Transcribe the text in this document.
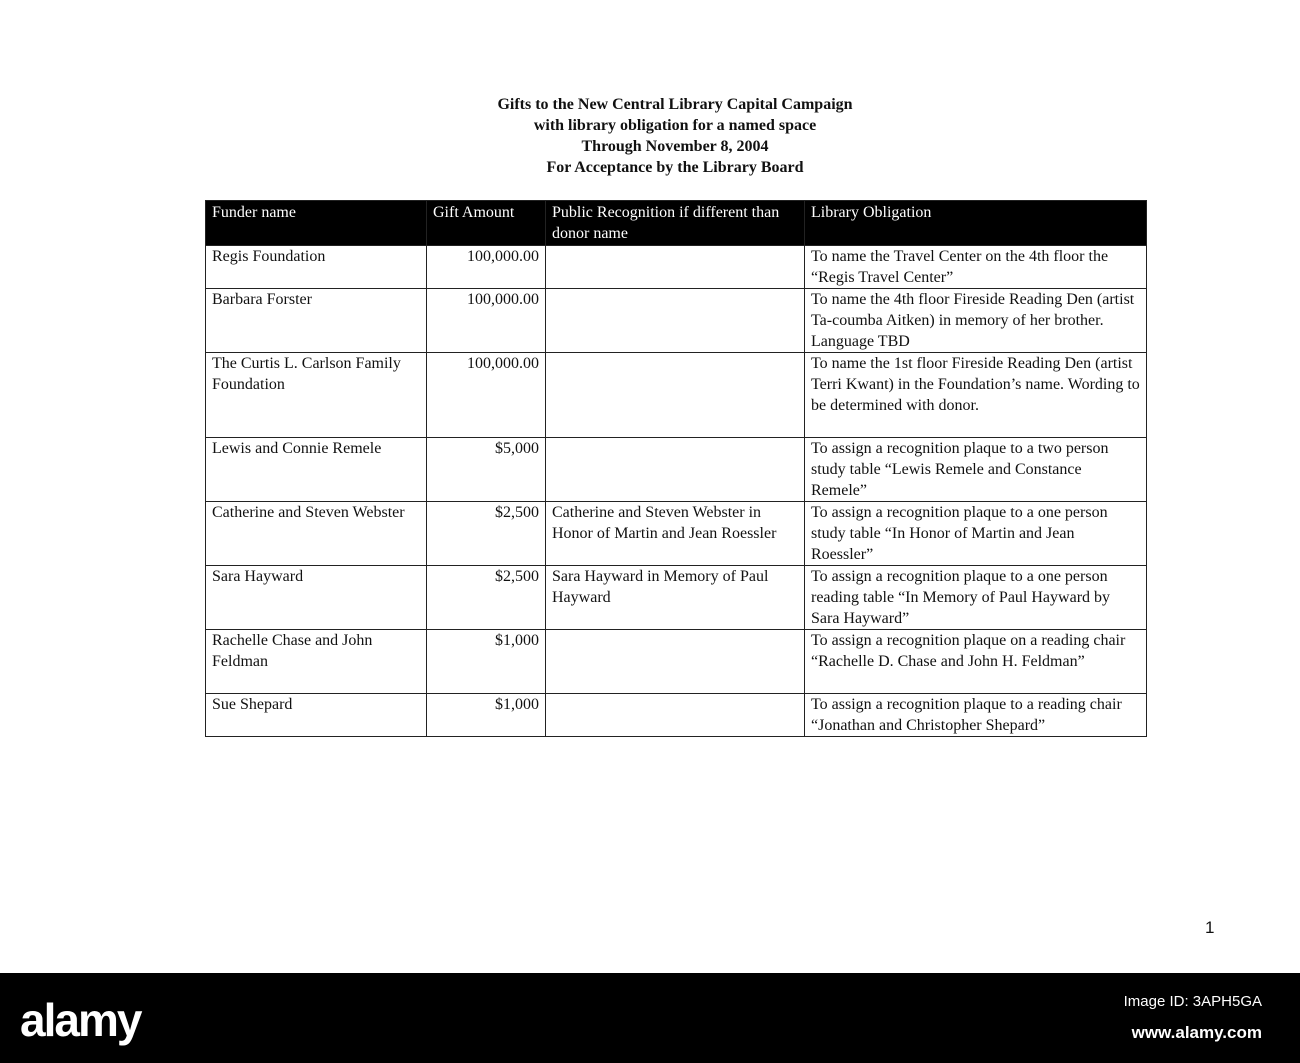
Gifts to the New Central Library Capital Campaign
with library obligation for a named space
Through November 8, 2004
For Acceptance by the Library Board
Funder name	Gift Amount	Public Recognition if different than donor name	Library Obligation
Regis Foundation	100,000.00		To name the Travel Center on the 4th floor the “Regis Travel Center”
Barbara Forster	100,000.00		To name the 4th floor Fireside Reading Den (artist Ta-coumba Aitken) in memory of her brother. Language TBD
The Curtis L. Carlson Family Foundation	100,000.00		To name the 1st floor Fireside Reading Den (artist Terri Kwant) in the Foundation’s name. Wording to be determined with donor.
Lewis and Connie Remele	$5,000		To assign a recognition plaque to a two person study table “Lewis Remele and Constance Remele”
Catherine and Steven Webster	$2,500	Catherine and Steven Webster in Honor of Martin and Jean Roessler	To assign a recognition plaque to a one person study table “In Honor of Martin and Jean Roessler”
Sara Hayward	$2,500	Sara Hayward in Memory of Paul Hayward	To assign a recognition plaque to a one person reading table “In Memory of Paul Hayward by Sara Hayward”
Rachelle Chase and John Feldman	$1,000		To assign a recognition plaque on a reading chair “Rachelle D. Chase and John H. Feldman”
Sue Shepard	$1,000		To assign a recognition plaque to a reading chair “Jonathan and Christopher Shepard”
1
alamy	Image ID: 3APH5GA
www.alamy.com
